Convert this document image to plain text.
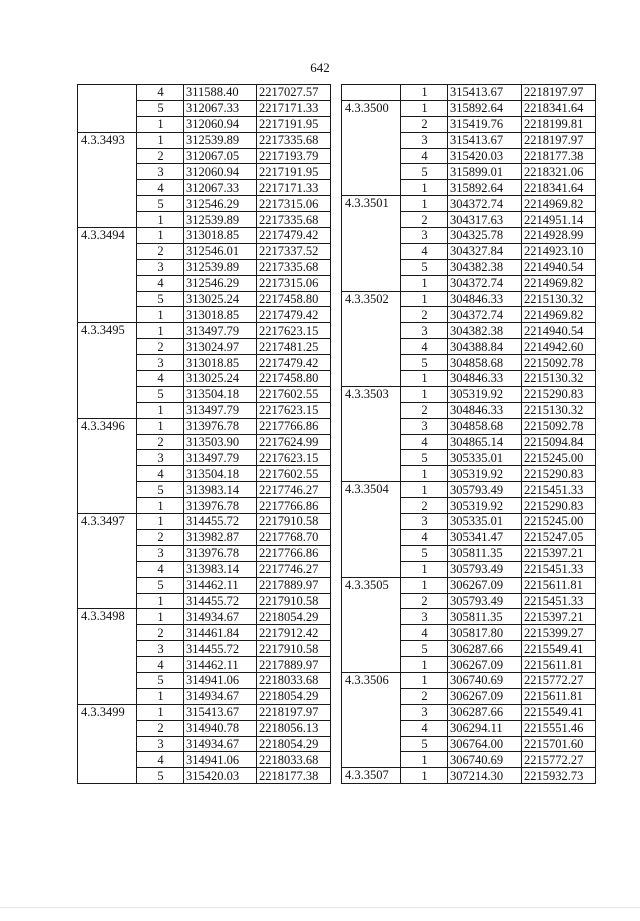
642
	4	311588.40	2217027.57
	5	312067.33	2217171.33
	1	312060.94	2217191.95
4.3.3493	1	312539.89	2217335.68
	2	312067.05	2217193.79
	3	312060.94	2217191.95
	4	312067.33	2217171.33
	5	312546.29	2217315.06
	1	312539.89	2217335.68
4.3.3494	1	313018.85	2217479.42
	2	312546.01	2217337.52
	3	312539.89	2217335.68
	4	312546.29	2217315.06
	5	313025.24	2217458.80
	1	313018.85	2217479.42
4.3.3495	1	313497.79	2217623.15
	2	313024.97	2217481.25
	3	313018.85	2217479.42
	4	313025.24	2217458.80
	5	313504.18	2217602.55
	1	313497.79	2217623.15
4.3.3496	1	313976.78	2217766.86
	2	313503.90	2217624.99
	3	313497.79	2217623.15
	4	313504.18	2217602.55
	5	313983.14	2217746.27
	1	313976.78	2217766.86
4.3.3497	1	314455.72	2217910.58
	2	313982.87	2217768.70
	3	313976.78	2217766.86
	4	313983.14	2217746.27
	5	314462.11	2217889.97
	1	314455.72	2217910.58
4.3.3498	1	314934.67	2218054.29
	2	314461.84	2217912.42
	3	314455.72	2217910.58
	4	314462.11	2217889.97
	5	314941.06	2218033.68
	1	314934.67	2218054.29
4.3.3499	1	315413.67	2218197.97
	2	314940.78	2218056.13
	3	314934.67	2218054.29
	4	314941.06	2218033.68
	5	315420.03	2218177.38
	1	315413.67	2218197.97
4.3.3500	1	315892.64	2218341.64
	2	315419.76	2218199.81
	3	315413.67	2218197.97
	4	315420.03	2218177.38
	5	315899.01	2218321.06
	1	315892.64	2218341.64
4.3.3501	1	304372.74	2214969.82
	2	304317.63	2214951.14
	3	304325.78	2214928.99
	4	304327.84	2214923.10
	5	304382.38	2214940.54
	1	304372.74	2214969.82
4.3.3502	1	304846.33	2215130.32
	2	304372.74	2214969.82
	3	304382.38	2214940.54
	4	304388.84	2214942.60
	5	304858.68	2215092.78
	1	304846.33	2215130.32
4.3.3503	1	305319.92	2215290.83
	2	304846.33	2215130.32
	3	304858.68	2215092.78
	4	304865.14	2215094.84
	5	305335.01	2215245.00
	1	305319.92	2215290.83
4.3.3504	1	305793.49	2215451.33
	2	305319.92	2215290.83
	3	305335.01	2215245.00
	4	305341.47	2215247.05
	5	305811.35	2215397.21
	1	305793.49	2215451.33
4.3.3505	1	306267.09	2215611.81
	2	305793.49	2215451.33
	3	305811.35	2215397.21
	4	305817.80	2215399.27
	5	306287.66	2215549.41
	1	306267.09	2215611.81
4.3.3506	1	306740.69	2215772.27
	2	306267.09	2215611.81
	3	306287.66	2215549.41
	4	306294.11	2215551.46
	5	306764.00	2215701.60
	1	306740.69	2215772.27
4.3.3507	1	307214.30	2215932.73
